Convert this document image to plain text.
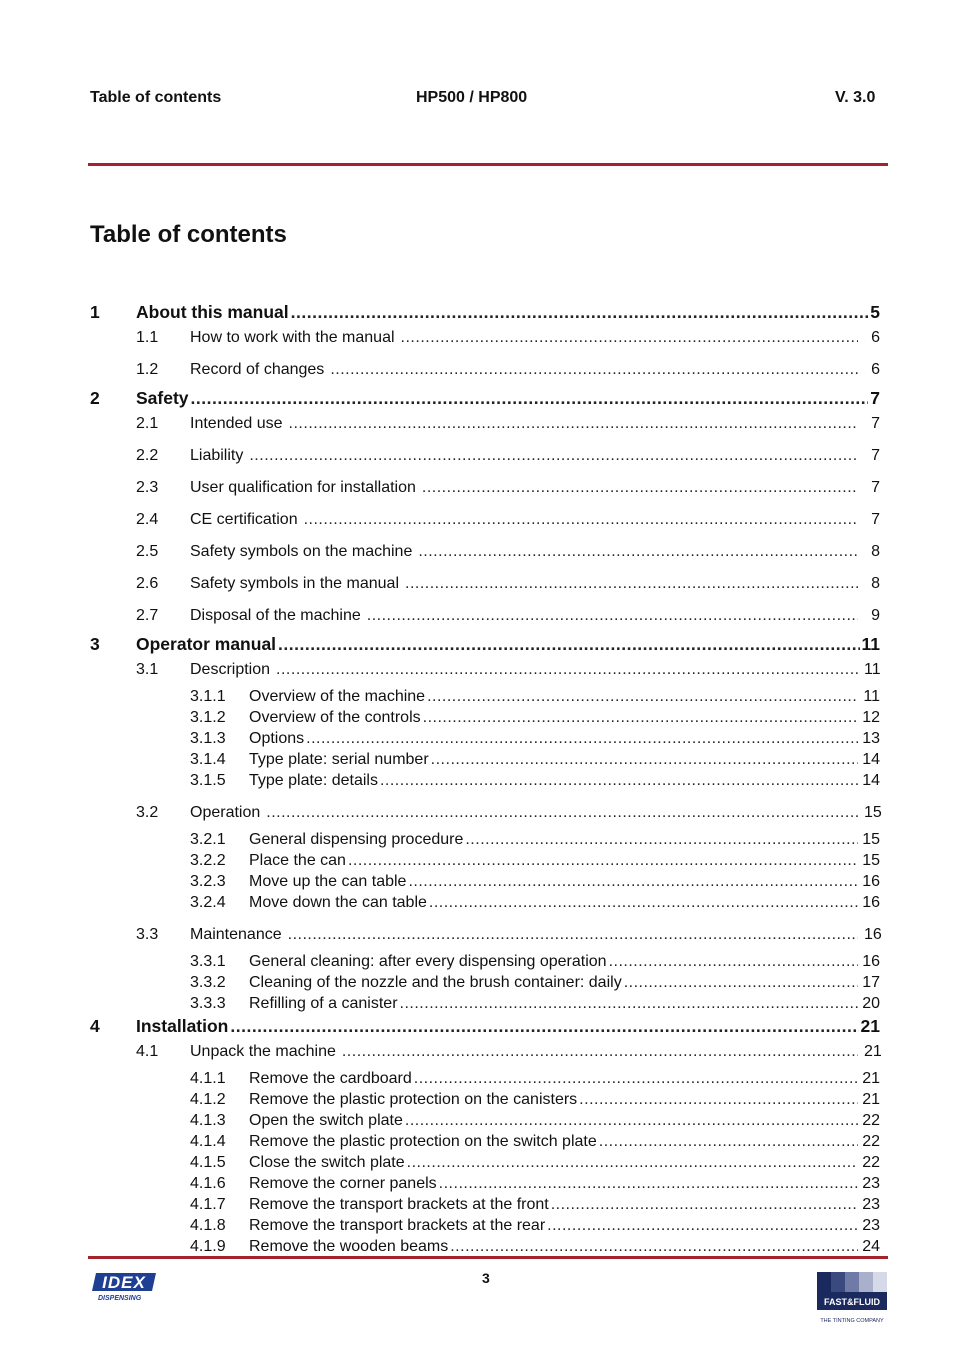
Table of contents	HP500 / HP800	V. 3.0
Table of contents
1	About this manual .....	5
1.1	How to work with the manual .....	6
1.2	Record of changes .....	6
2	Safety .....	7
2.1	Intended use .....	7
2.2	Liability .....	7
2.3	User qualification for installation .....	7
2.4	CE certification .....	7
2.5	Safety symbols on the machine .....	8
2.6	Safety symbols in the manual .....	8
2.7	Disposal of the machine .....	9
3	Operator manual .....	11
3.1	Description .....	11
3.1.1	Overview of the machine .....	11
3.1.2	Overview of the controls .....	12
3.1.3	Options .....	13
3.1.4	Type plate: serial number .....	14
3.1.5	Type plate: details .....	14
3.2	Operation .....	15
3.2.1	General dispensing procedure .....	15
3.2.2	Place the can .....	15
3.2.3	Move up the can table .....	16
3.2.4	Move down the can table .....	16
3.3	Maintenance .....	16
3.3.1	General cleaning: after every dispensing operation .....	16
3.3.2	Cleaning of the nozzle and the brush container: daily .....	17
3.3.3	Refilling of a canister .....	20
4	Installation .....	21
4.1	Unpack the machine .....	21
4.1.1	Remove the cardboard .....	21
4.1.2	Remove the plastic protection on the canisters .....	21
4.1.3	Open the switch plate .....	22
4.1.4	Remove the plastic protection on the switch plate .....	22
4.1.5	Close the switch plate .....	22
4.1.6	Remove the corner panels .....	23
4.1.7	Remove the transport brackets at the front .....	23
4.1.8	Remove the transport brackets at the rear .....	23
4.1.9	Remove the wooden beams .....	24
IDEX
DISPENSING
3
FAST&FLUID
THE TINTING COMPANY
